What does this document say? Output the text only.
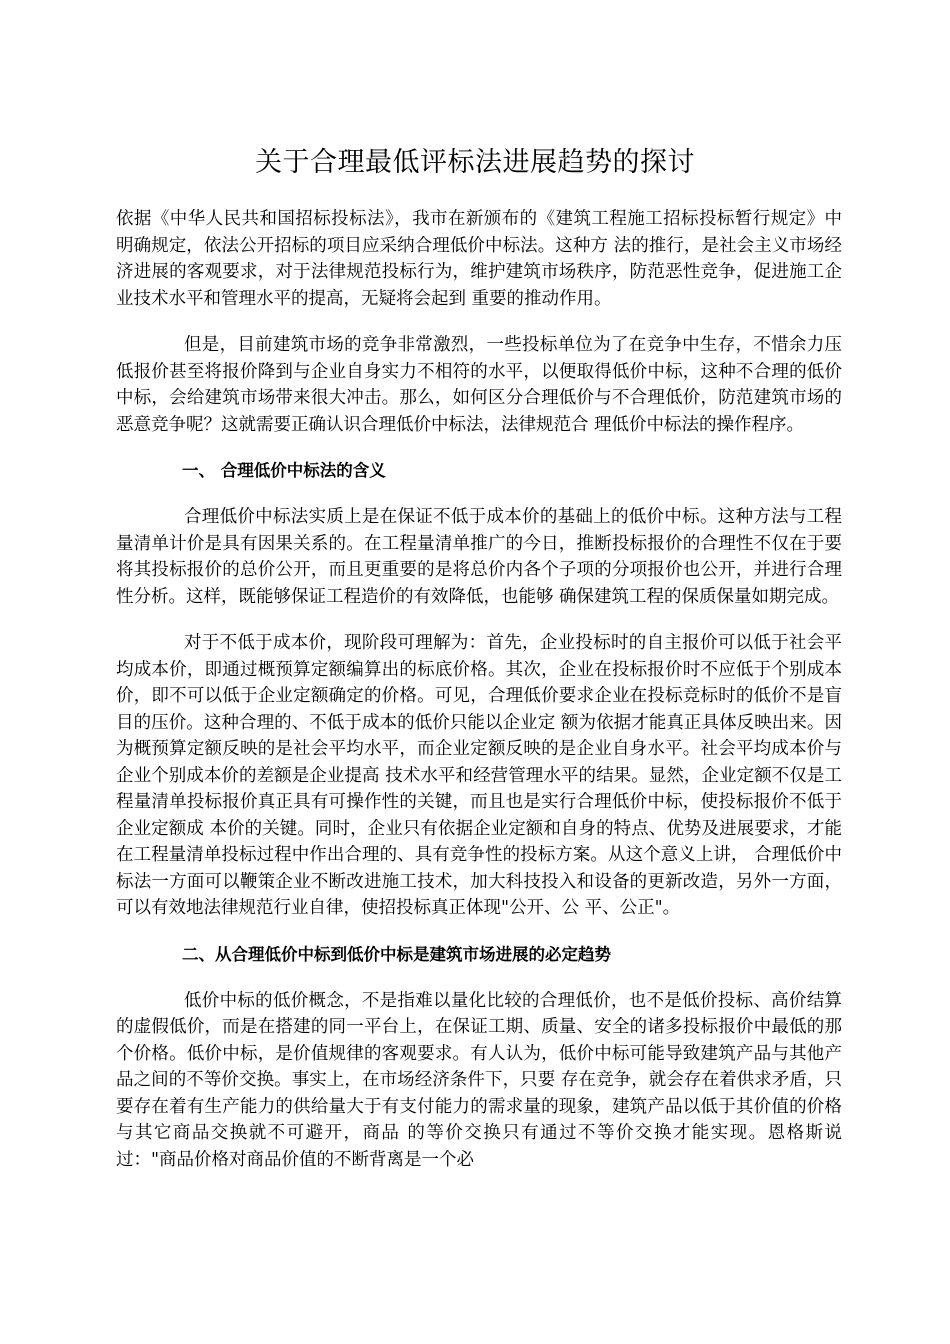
关于合理最低评标法进展趋势的探讨

依据《中华人民共和国招标投标法》，我市在新颁布的《建筑工程施工招标投标暂行规定》中明确规定，依法公开招标的项目应采纳合理低价中标法。这种方 法的推行，是社会主义市场经济进展的客观要求，对于法律规范投标行为，维护建筑市场秩序，防范恶性竞争，促进施工企业技术水平和管理水平的提高，无疑将会起到 重要的推动作用。

但是，目前建筑市场的竞争非常激烈，一些投标单位为了在竞争中生存，不惜余力压低报价甚至将报价降到与企业自身实力不相符的水平，以便取得低价中标，这种不合理的低价中标，会给建筑市场带来很大冲击。那么，如何区分合理低价与不合理低价，防范建筑市场的恶意竞争呢？这就需要正确认识合理低价中标法，法律规范合 理低价中标法的操作程序。

一、 合理低价中标法的含义

合理低价中标法实质上是在保证不低于成本价的基础上的低价中标。这种方法与工程量清单计价是具有因果关系的。在工程量清单推广的今日，推断投标报价的合理性不仅在于要将其投标报价的总价公开，而且更重要的是将总价内各个子项的分项报价也公开，并进行合理性分析。这样，既能够保证工程造价的有效降低，也能够 确保建筑工程的保质保量如期完成。

对于不低于成本价，现阶段可理解为：首先，企业投标时的自主报价可以低于社会平均成本价，即通过概预算定额编算出的标底价格。其次，企业在投标报价时不应低于个别成本价，即不可以低于企业定额确定的价格。可见，合理低价要求企业在投标竞标时的低价不是盲目的压价。这种合理的、不低于成本的低价只能以企业定 额为依据才能真正具体反映出来。因为概预算定额反映的是社会平均水平，而企业定额反映的是企业自身水平。社会平均成本价与企业个别成本价的差额是企业提高 技术水平和经营管理水平的结果。显然，企业定额不仅是工程量清单投标报价真正具有可操作性的关键，而且也是实行合理低价中标，使投标报价不低于企业定额成 本价的关键。同时，企业只有依据企业定额和自身的特点、优势及进展要求，才能在工程量清单投标过程中作出合理的、具有竞争性的投标方案。从这个意义上讲， 合理低价中标法一方面可以鞭策企业不断改进施工技术，加大科技投入和设备的更新改造，另外一方面，可以有效地法律规范行业自律，使招投标真正体现"公开、公 平、公正"。

二、从合理低价中标到低价中标是建筑市场进展的必定趋势

低价中标的低价概念，不是指难以量化比较的合理低价，也不是低价投标、高价结算的虚假低价，而是在搭建的同一平台上，在保证工期、质量、安全的诸多投标报价中最低的那个价格。低价中标，是价值规律的客观要求。有人认为，低价中标可能导致建筑产品与其他产品之间的不等价交换。事实上，在市场经济条件下，只要 存在竞争，就会存在着供求矛盾，只要存在着有生产能力的供给量大于有支付能力的需求量的现象，建筑产品以低于其价值的价格与其它商品交换就不可避开，商品 的等价交换只有通过不等价交换才能实现。恩格斯说过："商品价格对商品价值的不断背离是一个必
